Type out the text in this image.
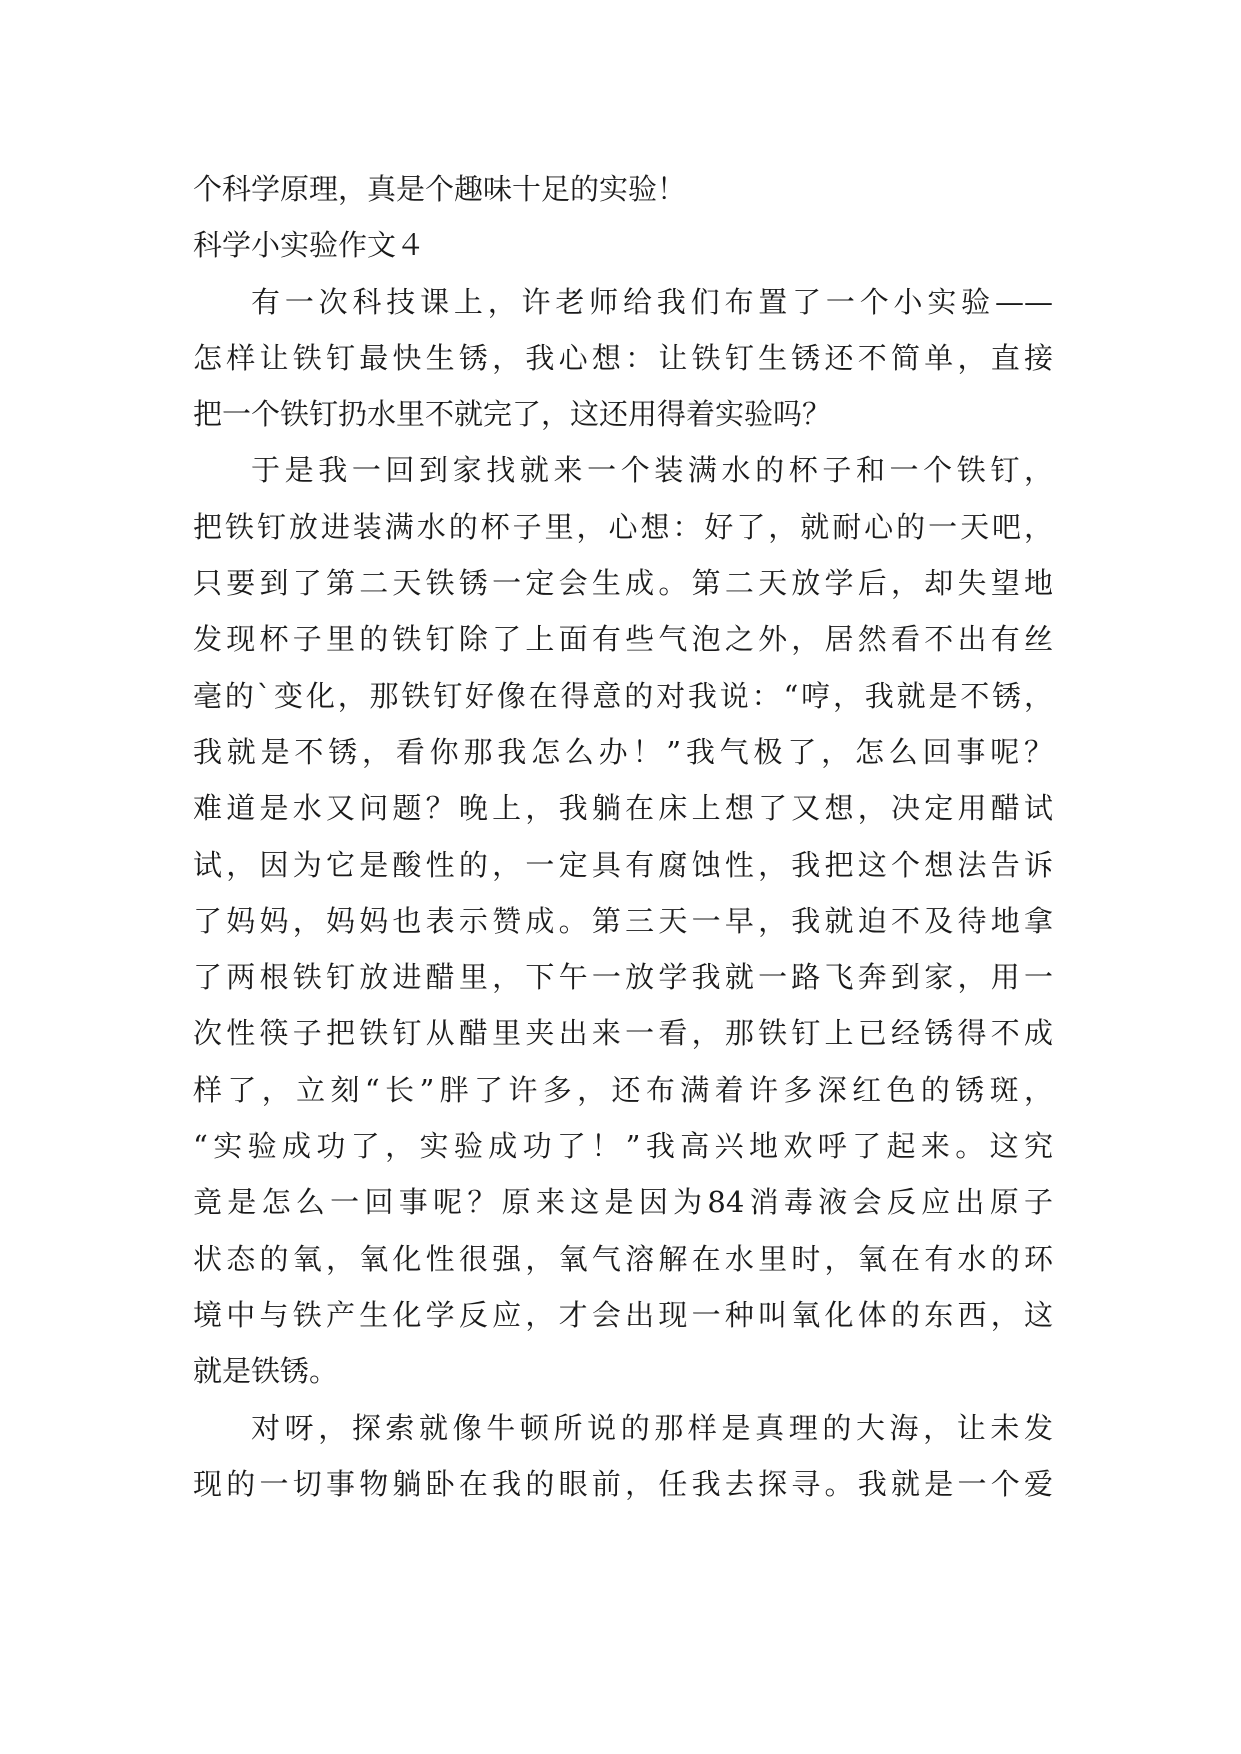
个科学原理，真是个趣味十足的实验！
科学小实验作文４
有一次科技课上，许老师给我们布置了一个小实验——
怎样让铁钉最快生锈，我心想：让铁钉生锈还不简单，直接
把一个铁钉扔水里不就完了，这还用得着实验吗？
于是我一回到家找就来一个装满水的杯子和一个铁钉，
把铁钉放进装满水的杯子里，心想：好了，就耐心的一天吧，
只要到了第二天铁锈一定会生成。第二天放学后，却失望地
发现杯子里的铁钉除了上面有些气泡之外，居然看不出有丝
毫的`变化，那铁钉好像在得意的对我说：“哼，我就是不锈，
我就是不锈，看你那我怎么办！”我气极了，怎么回事呢？
难道是水又问题？晚上，我躺在床上想了又想，决定用醋试
试，因为它是酸性的，一定具有腐蚀性，我把这个想法告诉
了妈妈，妈妈也表示赞成。第三天一早，我就迫不及待地拿
了两根铁钉放进醋里，下午一放学我就一路飞奔到家，用一
次性筷子把铁钉从醋里夹出来一看，那铁钉上已经锈得不成
样了，立刻“长”胖了许多，还布满着许多深红色的锈斑，
“实验成功了，实验成功了！”我高兴地欢呼了起来。这究
竟是怎么一回事呢？原来这是因为84消毒液会反应出原子
状态的氧，氧化性很强，氧气溶解在水里时，氧在有水的环
境中与铁产生化学反应，才会出现一种叫氧化体的东西，这
就是铁锈。
对呀，探索就像牛顿所说的那样是真理的大海，让未发
现的一切事物躺卧在我的眼前，任我去探寻。我就是一个爱
